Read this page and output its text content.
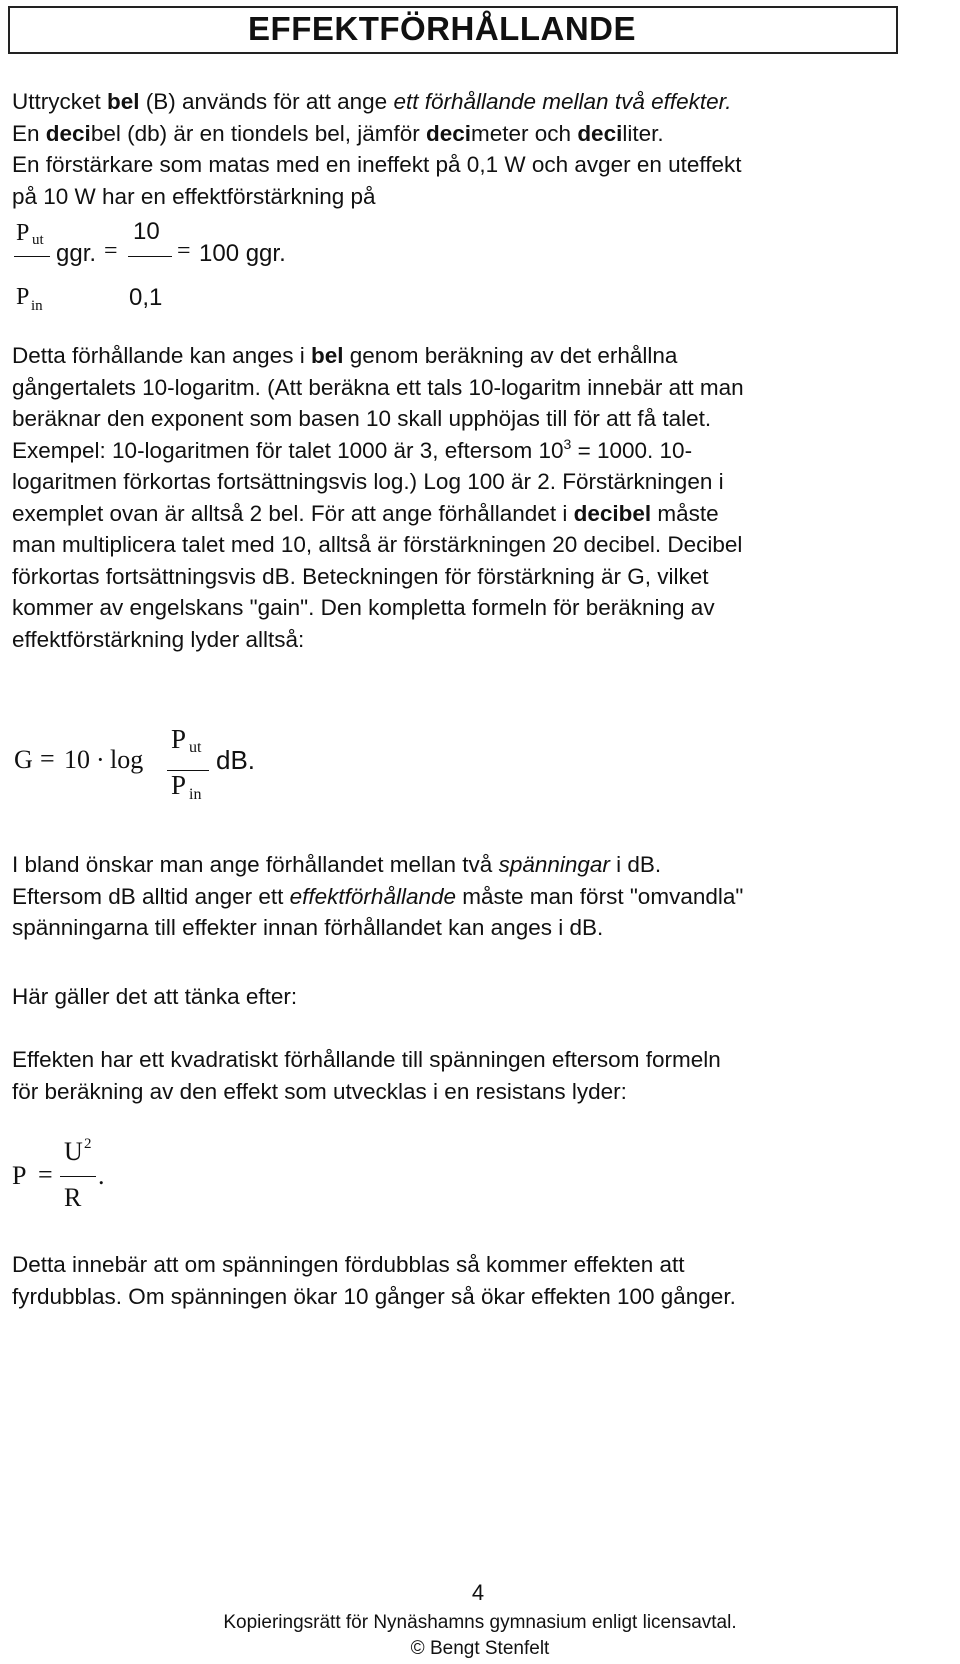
EFFEKTFÖRHÅLLANDE
Uttrycket bel (B) används för att ange ett förhållande mellan två effekter.
En decibel (db) är en tiondels bel, jämför decimeter och deciliter.
En förstärkare som matas med en ineffekt på 0,1 W och avger en uteffekt
på 10 W har en effektförstärkning på
P ut
P in
ggr. =
10
0,1
= 100 ggr.
Detta förhållande kan anges i bel genom beräkning av det erhållna
gångertalets 10-logaritm. (Att beräkna ett tals 10-logaritm innebär att man
beräknar den exponent som basen 10 skall upphöjas till för att få talet.
Exempel: 10-logaritmen för talet 1000 är 3, eftersom $10^3 = 1000$. 10-
logaritmen förkortas fortsättningsvis log.) Log 100 är 2. Förstärkningen i
exemplet ovan är alltså 2 bel. För att ange förhållandet i decibel måste
man multiplicera talet med 10, alltså är förstärkningen 20 decibel. Decibel
förkortas fortsättningsvis dB. Beteckningen för förstärkning är G, vilket
kommer av engelskans "gain". Den kompletta formeln för beräkning av
effektförstärkning lyder alltså:
G = 10 · log
P ut
P in
dB.
I bland önskar man ange förhållandet mellan två spänningar i dB.
Eftersom dB alltid anger ett effektförhållande måste man först "omvandla"
spänningarna till effekter innan förhållandet kan anges i dB.
Här gäller det att tänka efter:
Effekten har ett kvadratiskt förhållande till spänningen eftersom formeln
för beräkning av den effekt som utvecklas i en resistans lyder:
P =
U 2
R
.
Detta innebär att om spänningen fördubblas så kommer effekten att
fyrdubblas. Om spänningen ökar 10 gånger så ökar effekten 100 gånger.
4
Kopieringsrätt för Nynäshamns gymnasium enligt licensavtal.
© Bengt Stenfelt
